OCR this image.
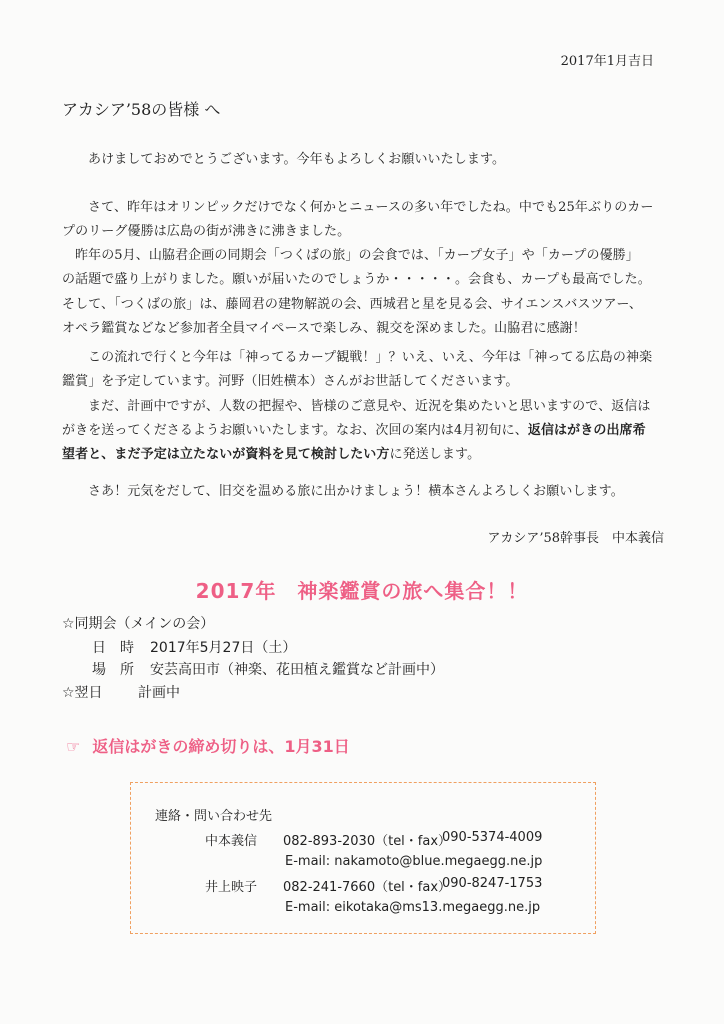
2017年1月吉日
アカシア’58の皆様 へ
あけましておめでとうございます。今年もよろしくお願いいたします。
さて、昨年はオリンピックだけでなく何かとニュースの多い年でしたね。中でも25年ぶりのカー
プのリーグ優勝は広島の街が沸きに沸きました。
昨年の5月、山脇君企画の同期会「つくばの旅」の会食では、「カープ女子」や「カープの優勝」
の話題で盛り上がりました。願いが届いたのでしょうか・・・・・。会食も、カープも最高でした。
そして、「つくばの旅」は、藤岡君の建物解説の会、西城君と星を見る会、サイエンスバスツアー、
オペラ鑑賞などなど参加者全員マイペースで楽しみ、親交を深めました。山脇君に感謝！
この流れで行くと今年は「神ってるカープ観戦！」？いえ、いえ、今年は「神ってる広島の神楽
鑑賞」を予定しています。河野（旧姓横本）さんがお世話してくださいます。
まだ、計画中ですが、人数の把握や、皆様のご意見や、近況を集めたいと思いますので、返信は
がきを送ってくださるようお願いいたします。なお、次回の案内は4月初旬に、返信はがきの出席希
望者と、まだ予定は立たないが資料を見て検討したい方に発送します。
さあ！元気をだして、旧交を温める旅に出かけましょう！横本さんよろしくお願いします。
アカシア’58幹事長　中本義信
2017年　神楽鑑賞の旅へ集合！！
☆同期会（メインの会）
日　時 2017年5月27日（土）
場　所 安芸高田市（神楽、花田植え鑑賞など計画中）
☆翌日	計画中
☞ 返信はがきの締め切りは、1月31日
連絡・問い合わせ先
中本義信 082-893-2030（tel・fax）
090-5374-4009
E-mail: nakamoto@blue.megaegg.ne.jp
井上映子 082-241-7660（tel・fax）
090-8247-1753
E-mail: eikotaka@ms13.megaegg.ne.jp
